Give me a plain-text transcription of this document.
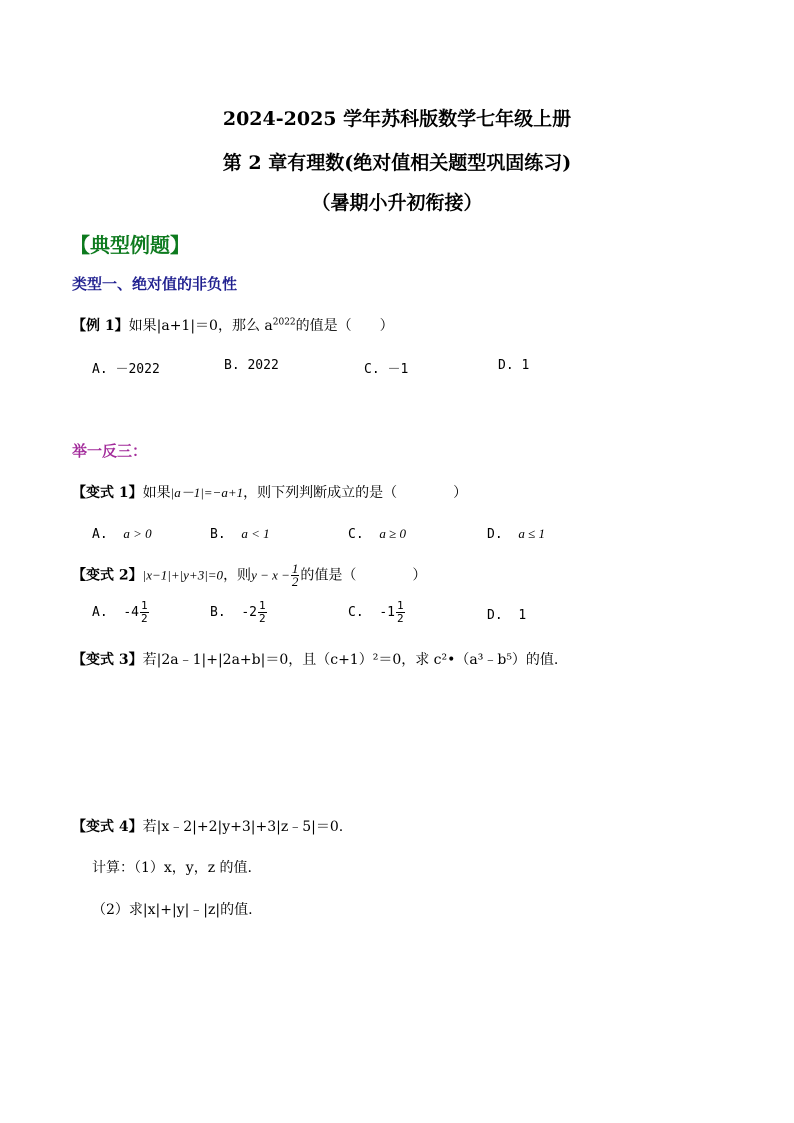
2024-2025 学年苏科版数学七年级上册
第 2 章有理数(绝对值相关题型巩固练习)
（暑期小升初衔接）
【典型例题】
类型一、绝对值的非负性
【例 1】如果|a+1|＝0，那么 $a^{2022}$的值是（　　）
A. －2022	B. 2022	C. －1	D. 1
举一反三：
【变式 1】如果|a－1|=−a+1，则下列判断成立的是（　　　　）
A. a > 0	B. a < 1	C. a ≥ 0	D. a ≤ 1
【变式 2】|x−1|+|y+3|=0，则$y - x - \frac{1}{2}$ 的值是（　　　　）
A. $-4 \frac{1}{2}$	B. $-2 \frac{1}{2}$	C. $-1 \frac{1}{2}$	D. 1
【变式 3】若|2a﹣1|+|2a+b|＝0，且（c+1）²＝0，求 c²•（a³﹣b⁵）的值.
【变式 4】若|x﹣2|+2|y+3|+3|z﹣5|＝0.
计算：（1）x，y，z 的值.
（2）求|x|+|y|﹣|z|的值.
